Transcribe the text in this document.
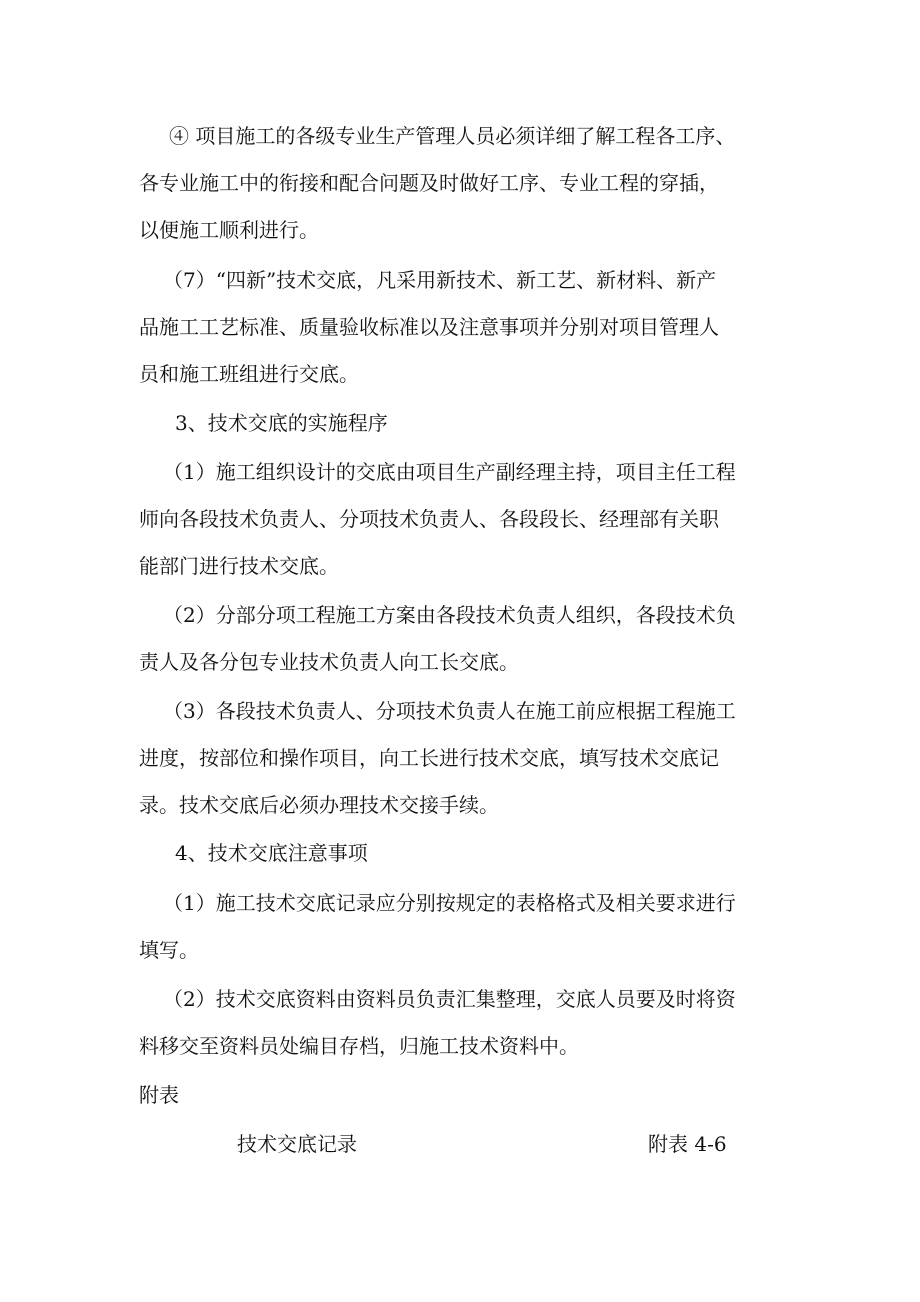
④ 项目施工的各级专业生产管理人员必须详细了解工程各工序、
各专业施工中的衔接和配合问题及时做好工序、专业工程的穿插，
以便施工顺利进行。
（7）“四新”技术交底，凡采用新技术、新工艺、新材料、新产
品施工工艺标准、质量验收标准以及注意事项并分别对项目管理人
员和施工班组进行交底。
3、技术交底的实施程序
（1）施工组织设计的交底由项目生产副经理主持，项目主任工程
师向各段技术负责人、分项技术负责人、各段段长、经理部有关职
能部门进行技术交底。
（2）分部分项工程施工方案由各段技术负责人组织，各段技术负
责人及各分包专业技术负责人向工长交底。
（3）各段技术负责人、分项技术负责人在施工前应根据工程施工
进度，按部位和操作项目，向工长进行技术交底，填写技术交底记
录。技术交底后必须办理技术交接手续。
4、技术交底注意事项
（1）施工技术交底记录应分别按规定的表格格式及相关要求进行
填写。
（2）技术交底资料由资料员负责汇集整理，交底人员要及时将资
料移交至资料员处编目存档，归施工技术资料中。
附表
技术交底记录	附表 4-6
